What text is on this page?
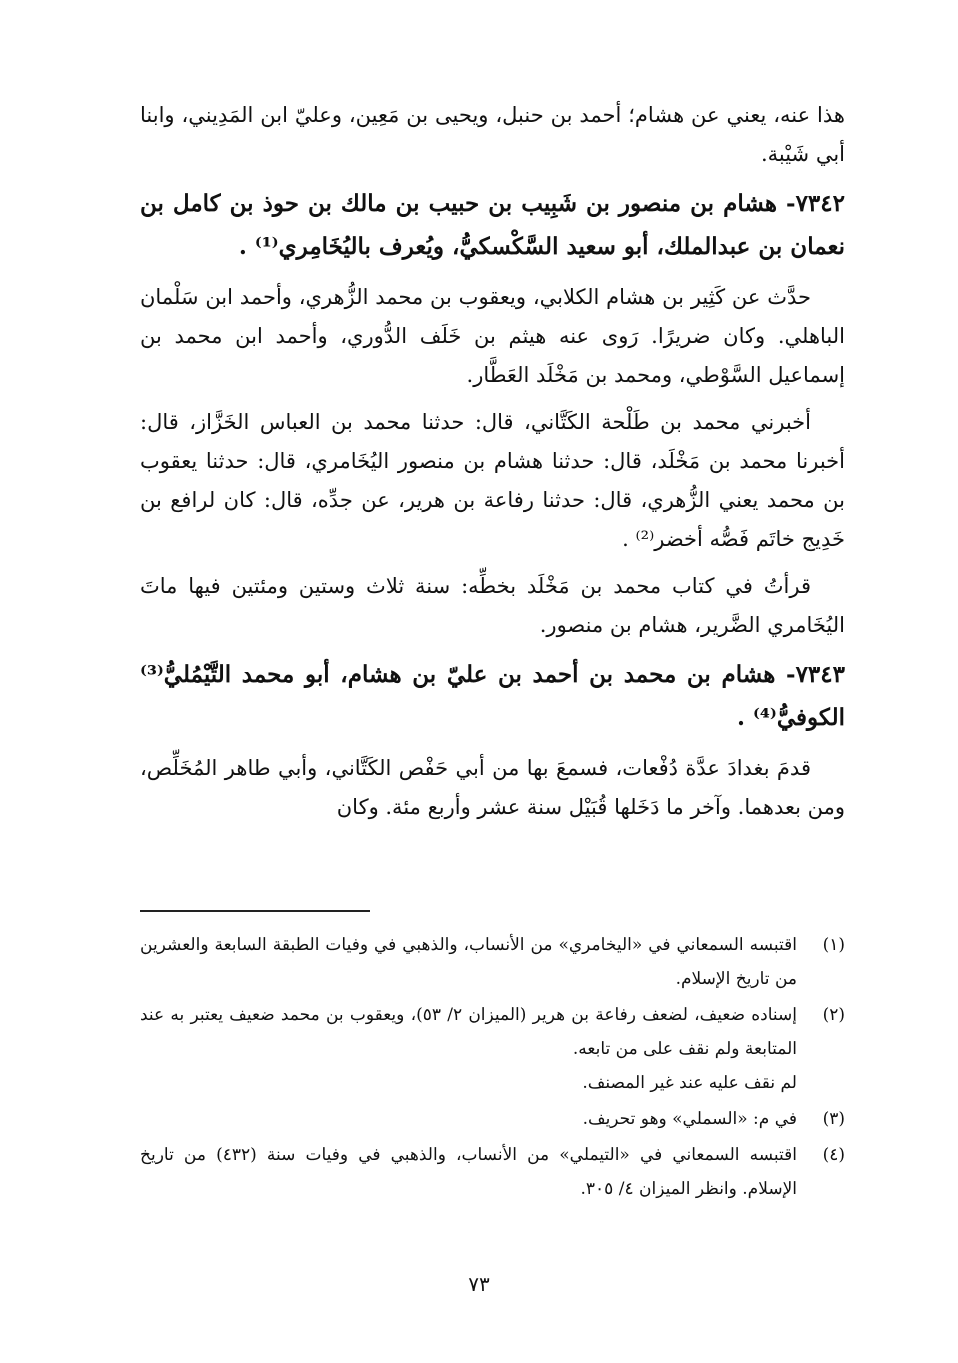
هذا عنه، يعني عن هشام؛ أحمد بن حنبل، ويحيى بن مَعِين، وعليّ ابن المَدِيني، وابنا أبي شَيْبة.

٧٣٤٢- هشام بن منصور بن شَبِيب بن حبيب بن مالك بن حوذ بن كامل بن نعمان بن عبدالملك، أبو سعيد السَّكْسكيُّ، ويُعرف باليُخَامِري⁽¹⁾ .

حدَّث عن كَثِير بن هشام الكلابي، ويعقوب بن محمد الزُّهري، وأحمد ابن سَلْمان الباهلي. وكان ضريرًا. رَوى عنه هيثم بن خَلَف الدُّوري، وأحمد ابن محمد بن إسماعيل السَّوْطي، ومحمد بن مَخْلَد العَطَّار.

أخبرني محمد بن طَلْحة الكَتَّاني، قال: حدثنا محمد بن العباس الخَزَّاز، قال: أخبرنا محمد بن مَخْلَد، قال: حدثنا هشام بن منصور اليُخَامري، قال: حدثنا يعقوب بن محمد يعني الزُّهري، قال: حدثنا رفاعة بن هرير، عن جدِّه، قال: كان لرافع بن خَدِيج خاتَم فَصُّه أخضر⁽²⁾ .

قرأتُ في كتاب محمد بن مَخْلَد بخطِّه: سنة ثلاث وستين ومئتين فيها ماتَ اليُخَامري الضَّرير، هشام بن منصور.

٧٣٤٣- هشام بن محمد بن أحمد بن عليّ بن هشام، أبو محمد التَّيْمُليُّ⁽³⁾ الكوفيُّ⁽⁴⁾ .

قدمَ بغدادَ عدَّة دُفْعات، فسمعَ بها من أبي حَفْص الكَتَّاني، وأبي طاهر المُخَلِّص، ومن بعدهما. وآخر ما دَخَلها قُبَيْل سنة عشر وأربع مئة. وكان

(١)
اقتبسه السمعاني في «اليخامري» من الأنساب، والذهبي في وفيات الطبقة السابعة والعشرين من تاريخ الإسلام.
(٢)
إسناده ضعيف، لضعف رفاعة بن هرير (الميزان ٢/ ٥٣)، ويعقوب بن محمد ضعيف يعتبر به عند المتابعة ولم نقف على من تابعه.
لم نقف عليه عند غير المصنف.
(٣)
في م: «السملي» وهو تحريف.
(٤)
اقتبسه السمعاني في «التيملي» من الأنساب، والذهبي في وفيات سنة (٤٣٢) من تاريخ الإسلام. وانظر الميزان ٤/ ٣٠٥.
٧٣
